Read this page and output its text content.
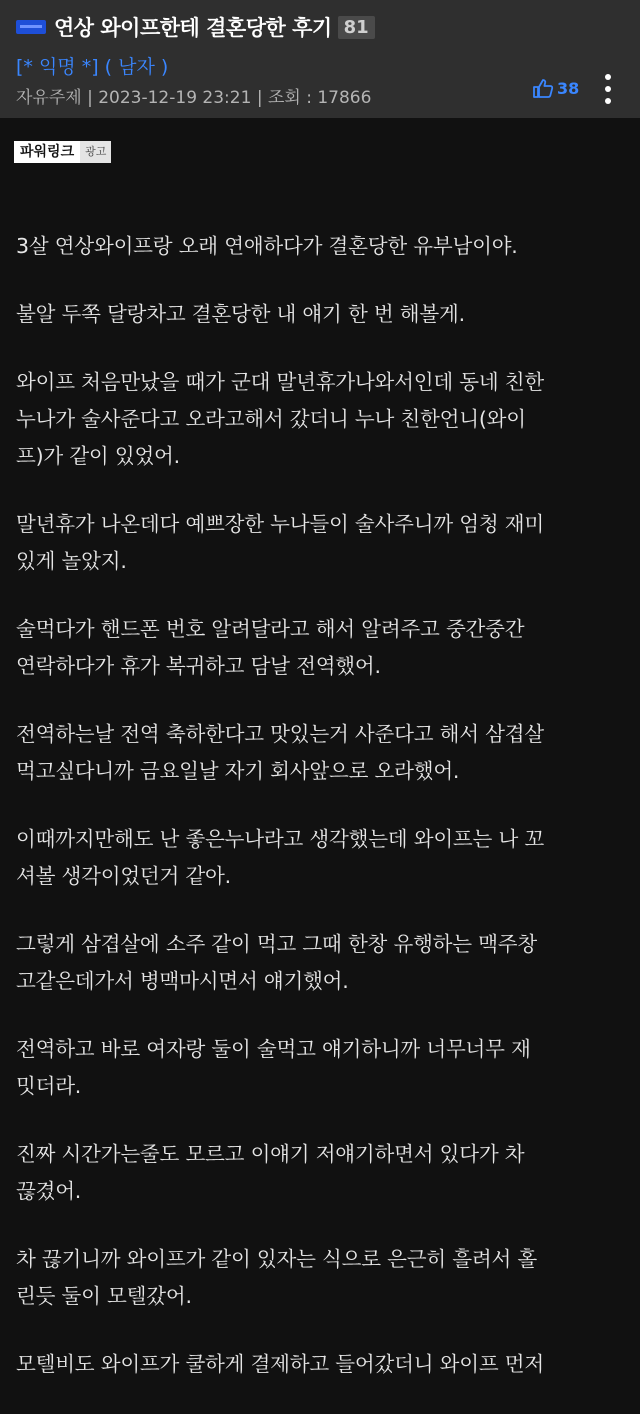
연상 와이프한테 결혼당한 후기 81
[* 익명 *] ( 남자 )
자유주제 | 2023-12-19 23:21 | 조회 : 17866	38
파워링크	광고

3살 연상와이프랑 오래 연애하다가 결혼당한 유부남이야.

불알 두쪽 달랑차고 결혼당한 내 얘기 한 번 해볼게.

와이프 처음만났을 때가 군대 말년휴가나와서인데 동네 친한
누나가 술사준다고 오라고해서 갔더니 누나 친한언니(와이
프)가 같이 있었어.

말년휴가 나온데다 예쁘장한 누나들이 술사주니까 엄청 재미
있게 놀았지.

술먹다가 핸드폰 번호 알려달라고 해서 알려주고 중간중간
연락하다가 휴가 복귀하고 담날 전역했어.

전역하는날 전역 축하한다고 맛있는거 사준다고 해서 삼겹살
먹고싶다니까 금요일날 자기 회사앞으로 오라했어.

이때까지만해도 난 좋은누나라고 생각했는데 와이프는 나 꼬
셔볼 생각이었던거 같아.

그렇게 삼겹살에 소주 같이 먹고 그때 한창 유행하는 맥주창
고같은데가서 병맥마시면서 얘기했어.

전역하고 바로 여자랑 둘이 술먹고 얘기하니까 너무너무 재
밋더라.

진짜 시간가는줄도 모르고 이얘기 저얘기하면서 있다가 차
끊겼어.

차 끊기니까 와이프가 같이 있자는 식으로 은근히 흘려서 홀
린듯 둘이 모텔갔어.

모텔비도 와이프가 쿨하게 결제하고 들어갔더니 와이프 먼저
